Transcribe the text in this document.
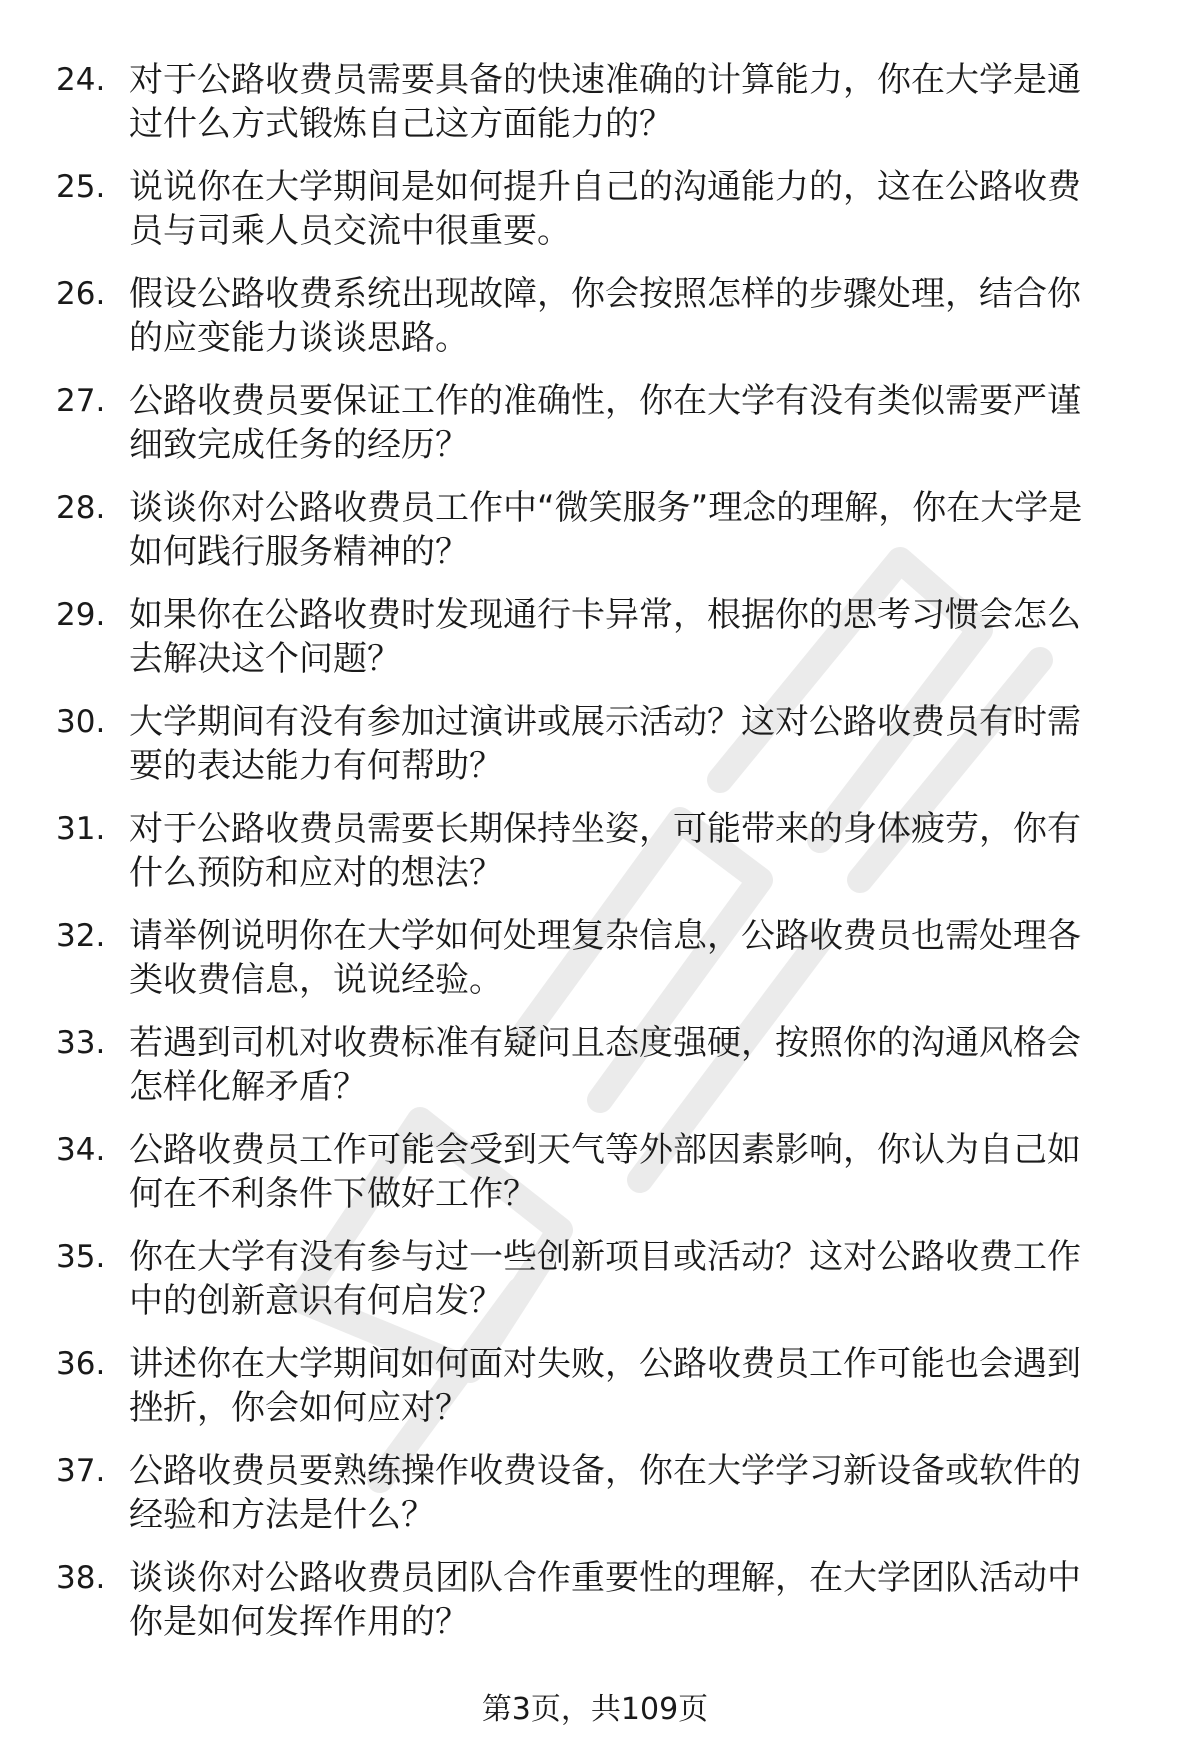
24. 对于公路收费员需要具备的快速准确的计算能力，你在大学是通
过什么方式锻炼自己这方面能力的？
25. 说说你在大学期间是如何提升自己的沟通能力的，这在公路收费
员与司乘人员交流中很重要。
26. 假设公路收费系统出现故障，你会按照怎样的步骤处理，结合你
的应变能力谈谈思路。
27. 公路收费员要保证工作的准确性，你在大学有没有类似需要严谨
细致完成任务的经历？
28. 谈谈你对公路收费员工作中“微笑服务”理念的理解，你在大学是
如何践行服务精神的？
29. 如果你在公路收费时发现通行卡异常，根据你的思考习惯会怎么
去解决这个问题？
30. 大学期间有没有参加过演讲或展示活动？这对公路收费员有时需
要的表达能力有何帮助？
31. 对于公路收费员需要长期保持坐姿，可能带来的身体疲劳，你有
什么预防和应对的想法？
32. 请举例说明你在大学如何处理复杂信息，公路收费员也需处理各
类收费信息，说说经验。
33. 若遇到司机对收费标准有疑问且态度强硬，按照你的沟通风格会
怎样化解矛盾？
34. 公路收费员工作可能会受到天气等外部因素影响，你认为自己如
何在不利条件下做好工作？
35. 你在大学有没有参与过一些创新项目或活动？这对公路收费工作
中的创新意识有何启发？
36. 讲述你在大学期间如何面对失败，公路收费员工作可能也会遇到
挫折，你会如何应对？
37. 公路收费员要熟练操作收费设备，你在大学学习新设备或软件的
经验和方法是什么？
38. 谈谈你对公路收费员团队合作重要性的理解，在大学团队活动中
你是如何发挥作用的？
第3页，共109页
